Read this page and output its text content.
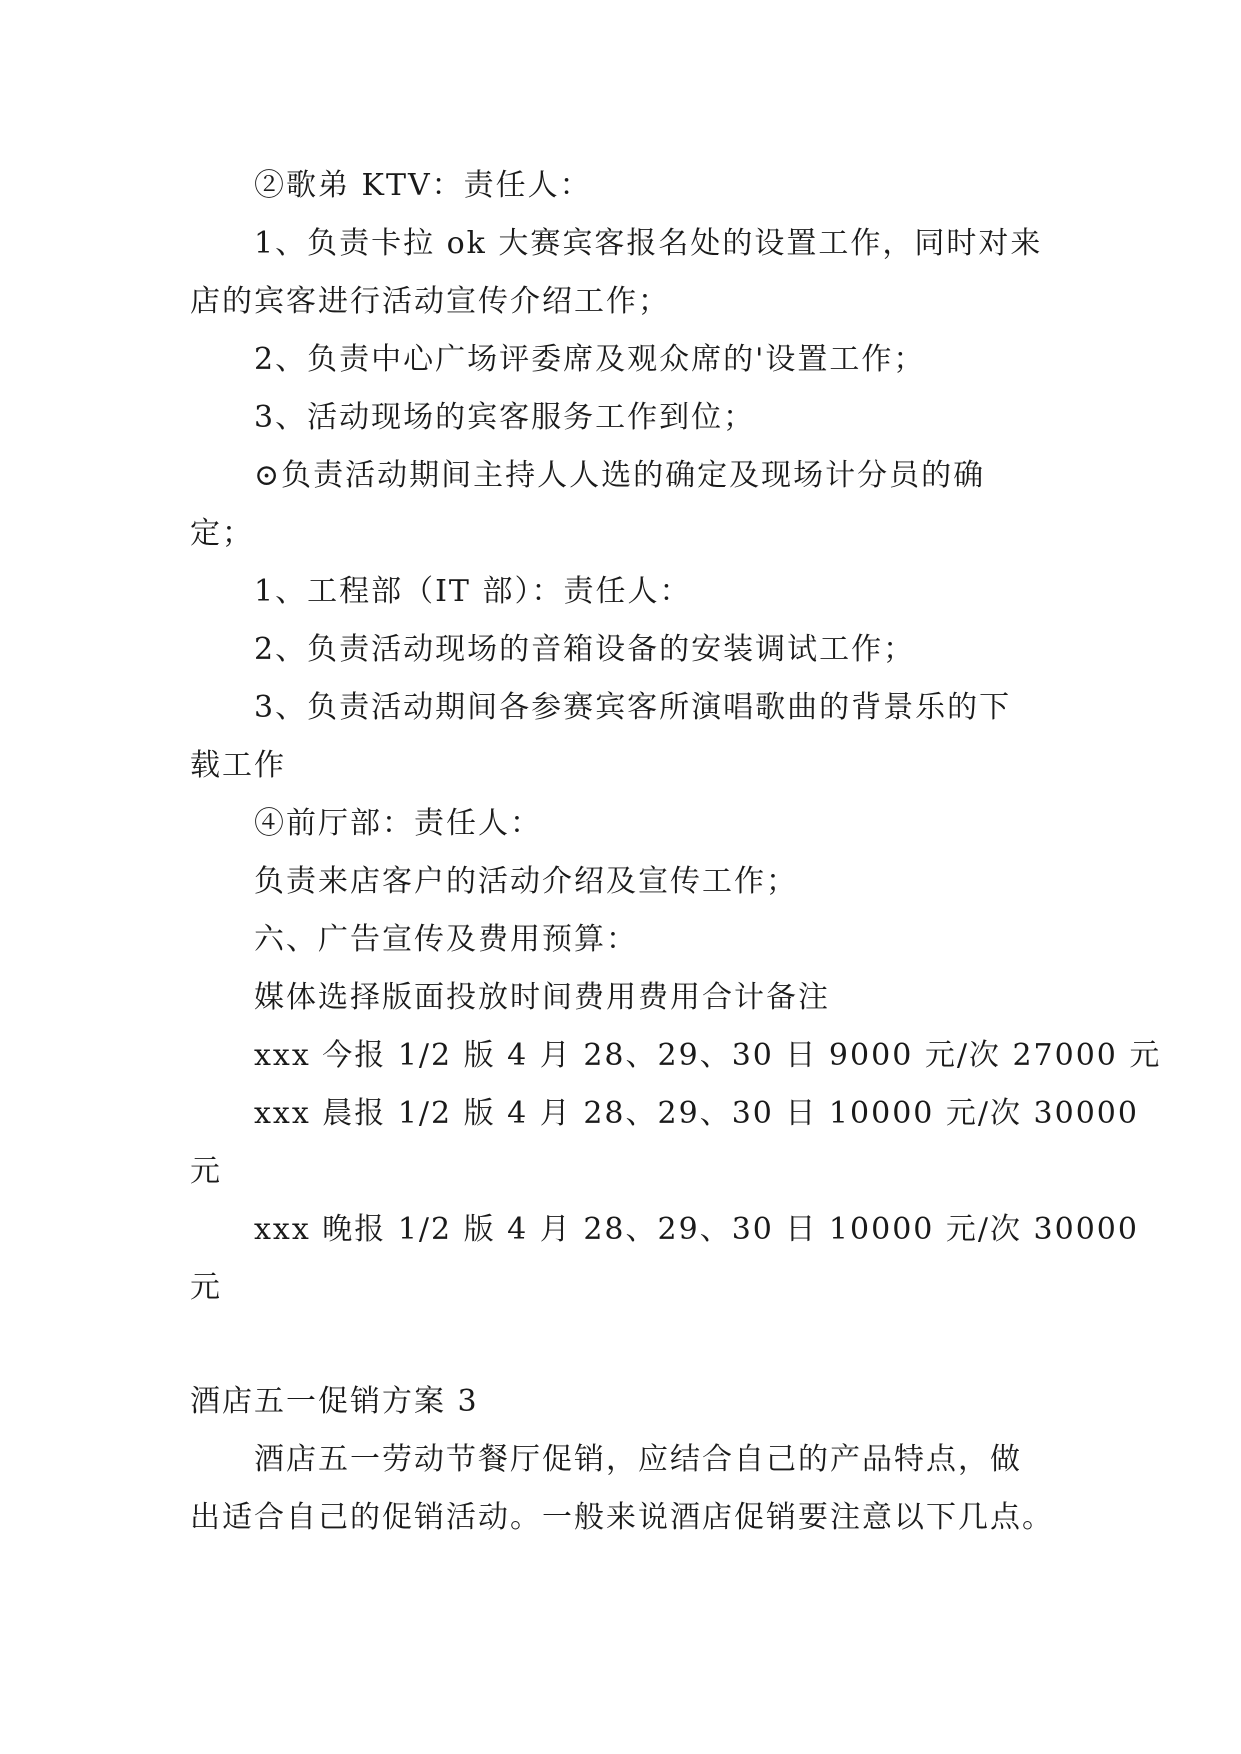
②歌弟 KTV：责任人：
1、负责卡拉 ok 大赛宾客报名处的设置工作，同时对来
店的宾客进行活动宣传介绍工作；
2、负责中心广场评委席及观众席的'设置工作；
3、活动现场的宾客服务工作到位；
⊙负责活动期间主持人人选的确定及现场计分员的确
定；
1、工程部（IT 部）：责任人：
2、负责活动现场的音箱设备的安装调试工作；
3、负责活动期间各参赛宾客所演唱歌曲的背景乐的下
载工作
④前厅部：责任人：
负责来店客户的活动介绍及宣传工作；
六、广告宣传及费用预算：
媒体选择版面投放时间费用费用合计备注
xxx 今报 1/2 版 4 月 28、29、30 日 9000 元/次 27000 元
xxx 晨报 1/2 版 4 月 28、29、30 日 10000 元/次 30000
元
xxx 晚报 1/2 版 4 月 28、29、30 日 10000 元/次 30000
元
酒店五一促销方案 3
酒店五一劳动节餐厅促销，应结合自己的产品特点，做
出适合自己的促销活动。一般来说酒店促销要注意以下几点。
